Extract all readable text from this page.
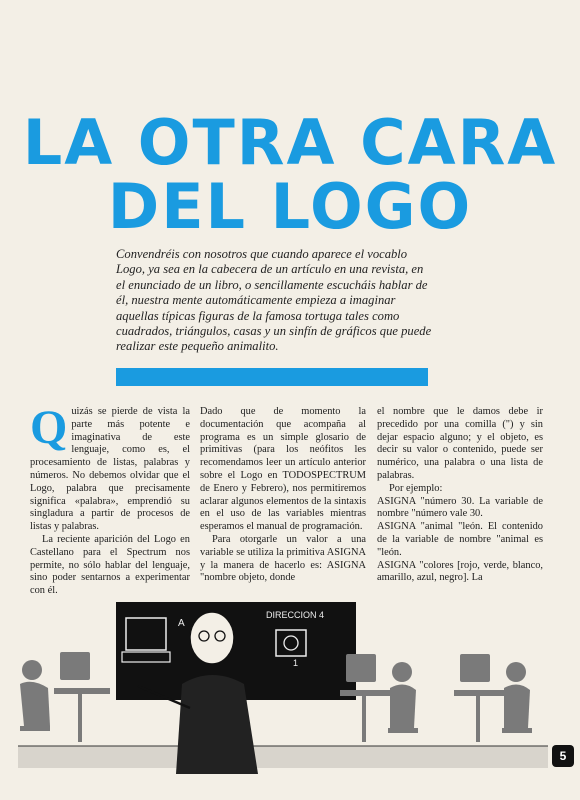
LA OTRA CARA
DEL LOGO
Convendréis con nosotros que cuando aparece el vocablo Logo, ya sea en la cabecera de un artículo en una revista, en el enunciado de un libro, o sencillamente escucháis hablar de él, nuestra mente automáticamente empieza a imaginar aquellas típicas figuras de la famosa tortuga tales como cuadrados, triángulos, casas y un sinfín de gráficos que puede realizar este pequeño animalito.
Q uizás se pierde de vista la parte más potente e imaginativa de este lenguaje, como es, el procesamiento de listas, palabras y números. No debemos olvidar que el Logo, palabra que precisamente significa «palabra», emprendió su singladura a partir de procesos de listas y palabras.

La reciente aparición del Logo en Castellano para el Spectrum nos permite, no sólo hablar del lenguaje, sino poder sentarnos a experimentar con él.

Dado que de momento la documentación que acompaña al programa es un simple glosario de primitivas (para los neófitos les recomendamos leer un artículo anterior sobre el Logo en TODOSPECTRUM de Enero y Febrero), nos permitiremos aclarar algunos elementos de la sintaxis en el uso de las variables mientras esperamos el manual de programación.

Para otorgarle un valor a una variable se utiliza la primitiva ASIGNA y la manera de hacerlo es: ASIGNA "nombre objeto, donde

el nombre que le damos debe ir precedido por una comilla (") y sin dejar espacio alguno; y el objeto, es decir su valor o contenido, puede ser numérico, una palabra o una lista de palabras.

Por ejemplo:

ASIGNA "número 30. La variable de nombre "número vale 30.

ASIGNA "animal "león. El contenido de la variable de nombre "animal es "león.

ASIGNA "colores [rojo, verde, blanco, amarillo, azul, negro]. La

DIRECCION 4
A
1
5
